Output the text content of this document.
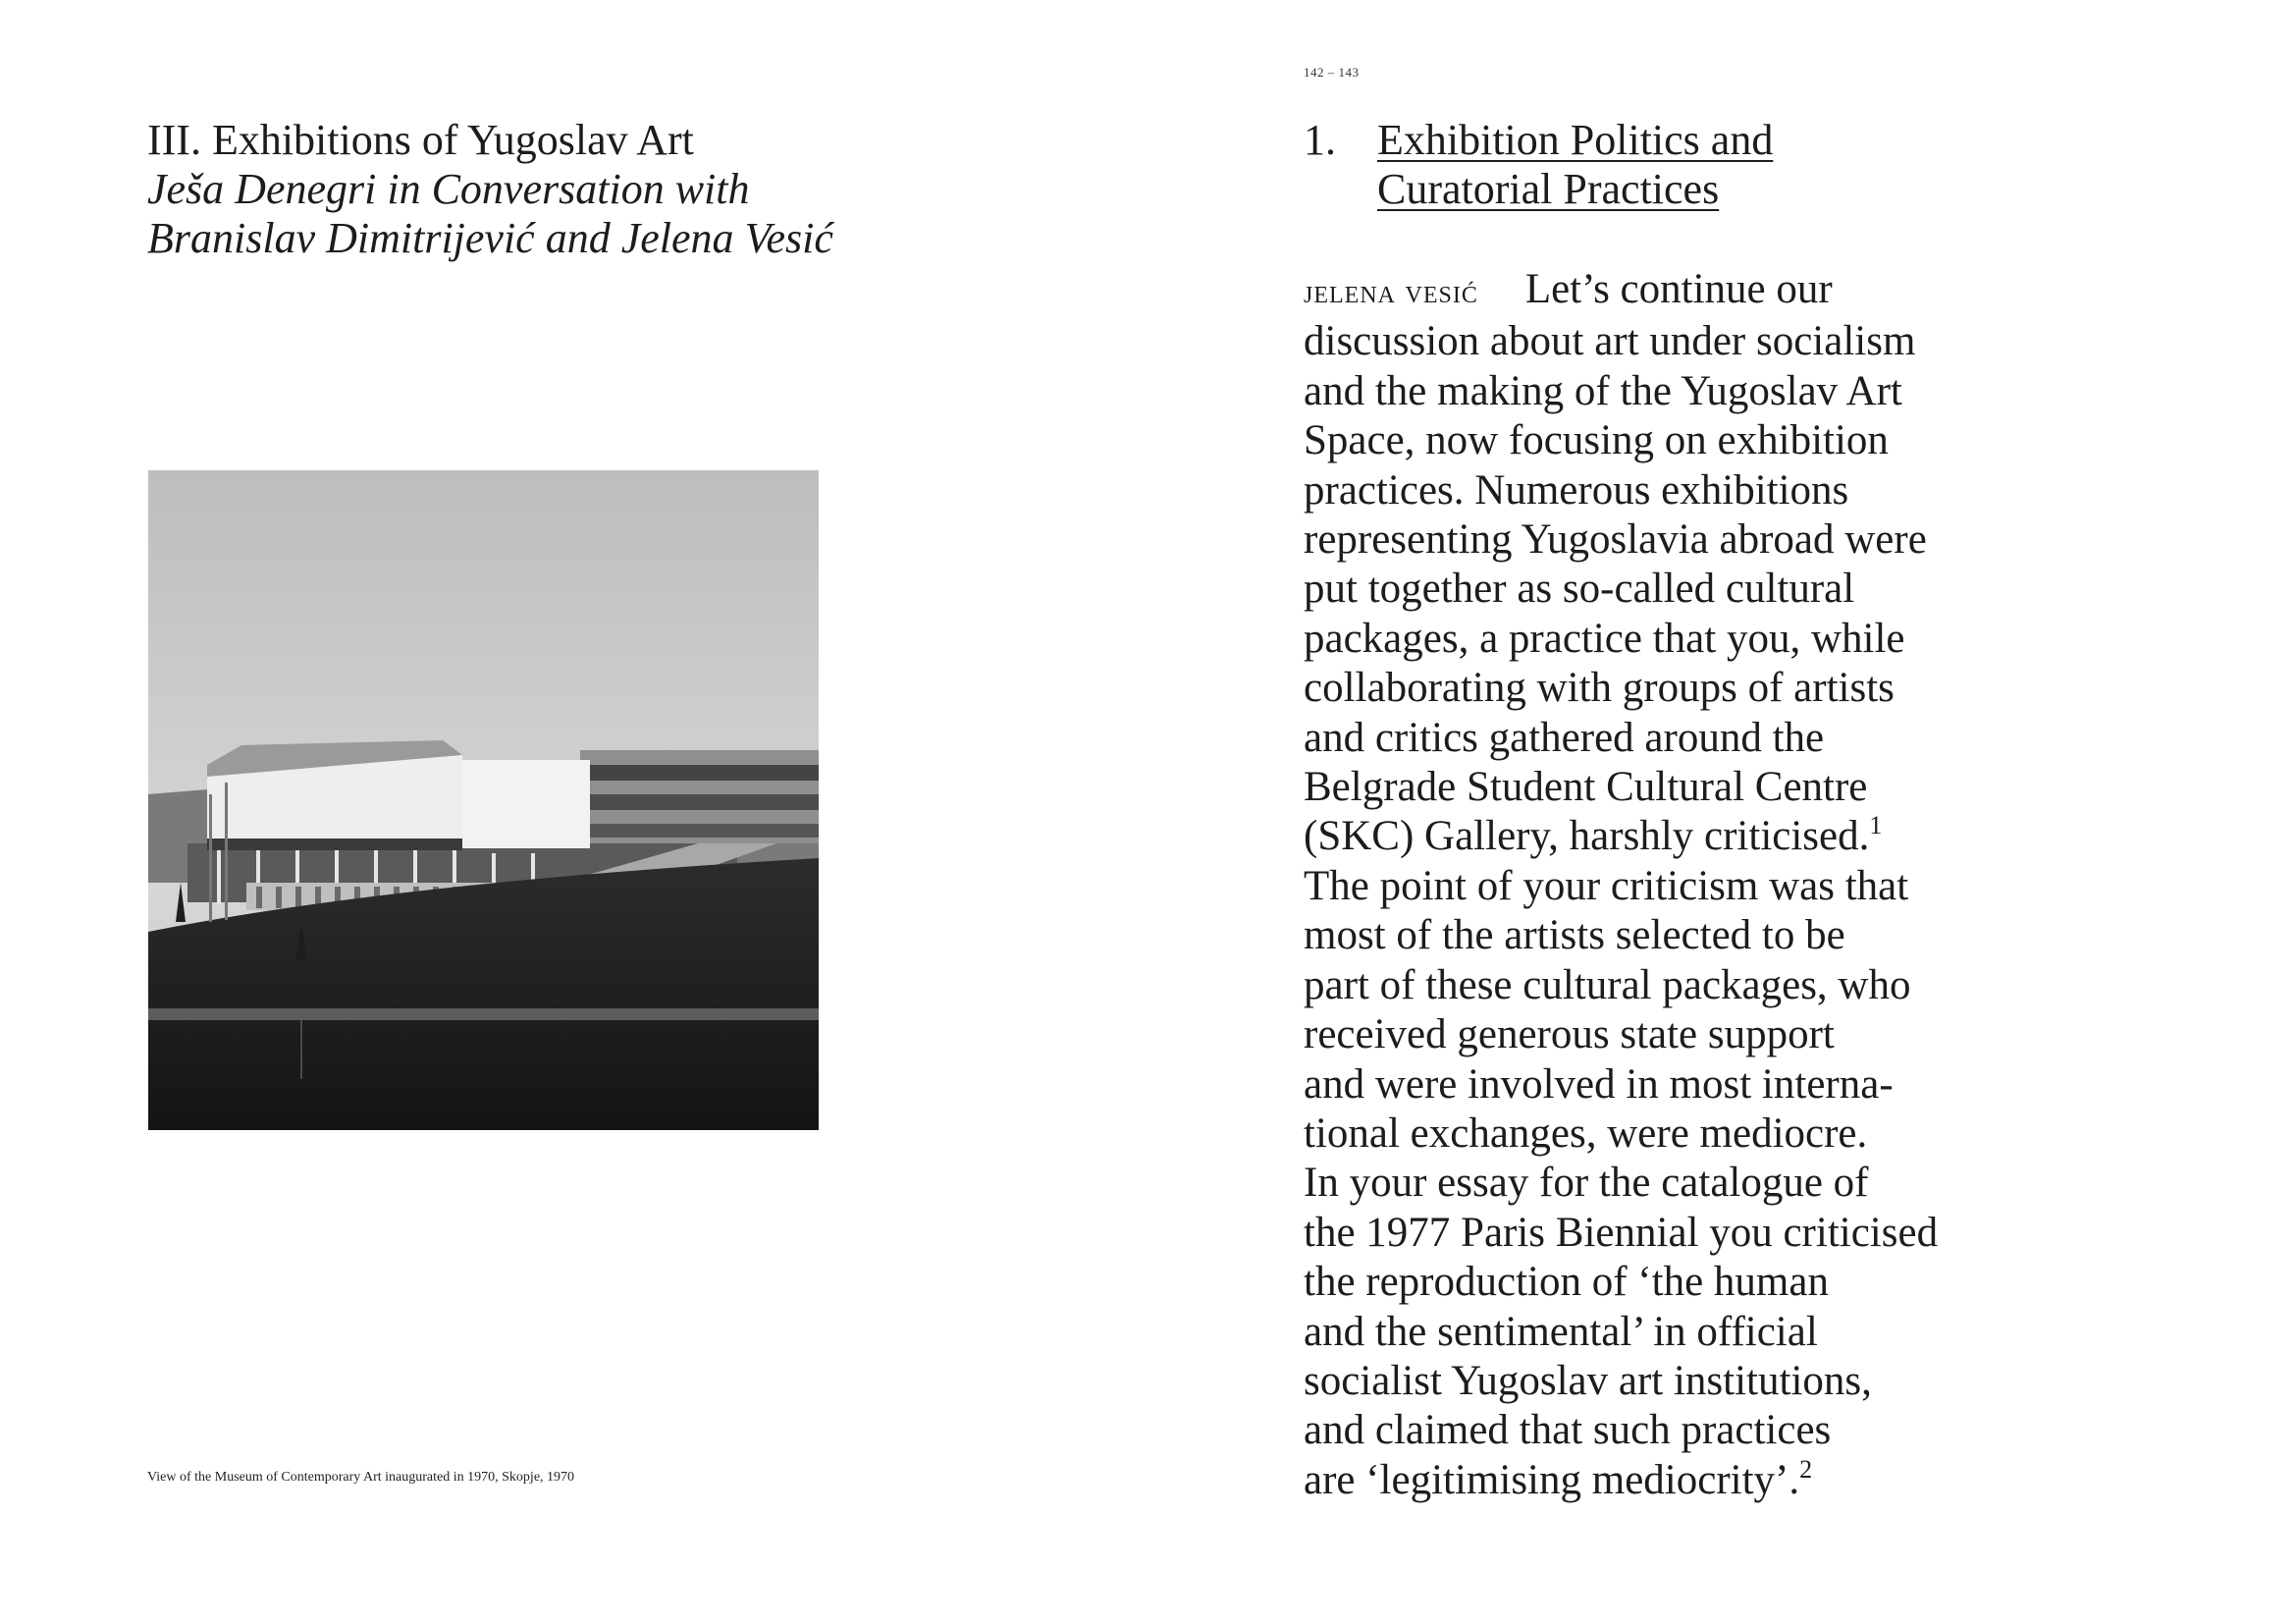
III. Exhibitions of Yugoslav Art
Ješa Denegri in Conversation with
Branislav Dimitrijević and Jelena Vesić
View of the Museum of Contemporary Art inaugurated in 1970, Skopje, 1970
142 – 143
1. Exhibition Politics and
Curatorial Practices
jelena vesić Let’s continue our
discussion about art under socialism
and the making of the Yugoslav Art
Space, now focusing on exhibition
practices. Numerous exhibitions
representing Yugoslavia abroad were
put together as so-called cultural
packages, a practice that you, while
collaborating with groups of artists
and critics gathered around the
Belgrade Student Cultural Centre
(SKC) Gallery, harshly criticised.$^1$
The point of your criticism was that
most of the artists selected to be
part of these cultural packages, who
received generous state support
and were involved in most interna-
tional exchanges, were mediocre.
In your essay for the catalogue of
the 1977 Paris Biennial you criticised
the reproduction of ‘the human
and the sentimental’ in official
socialist Yugoslav art institutions,
and claimed that such practices
are ‘legitimising mediocrity’.$^2$
